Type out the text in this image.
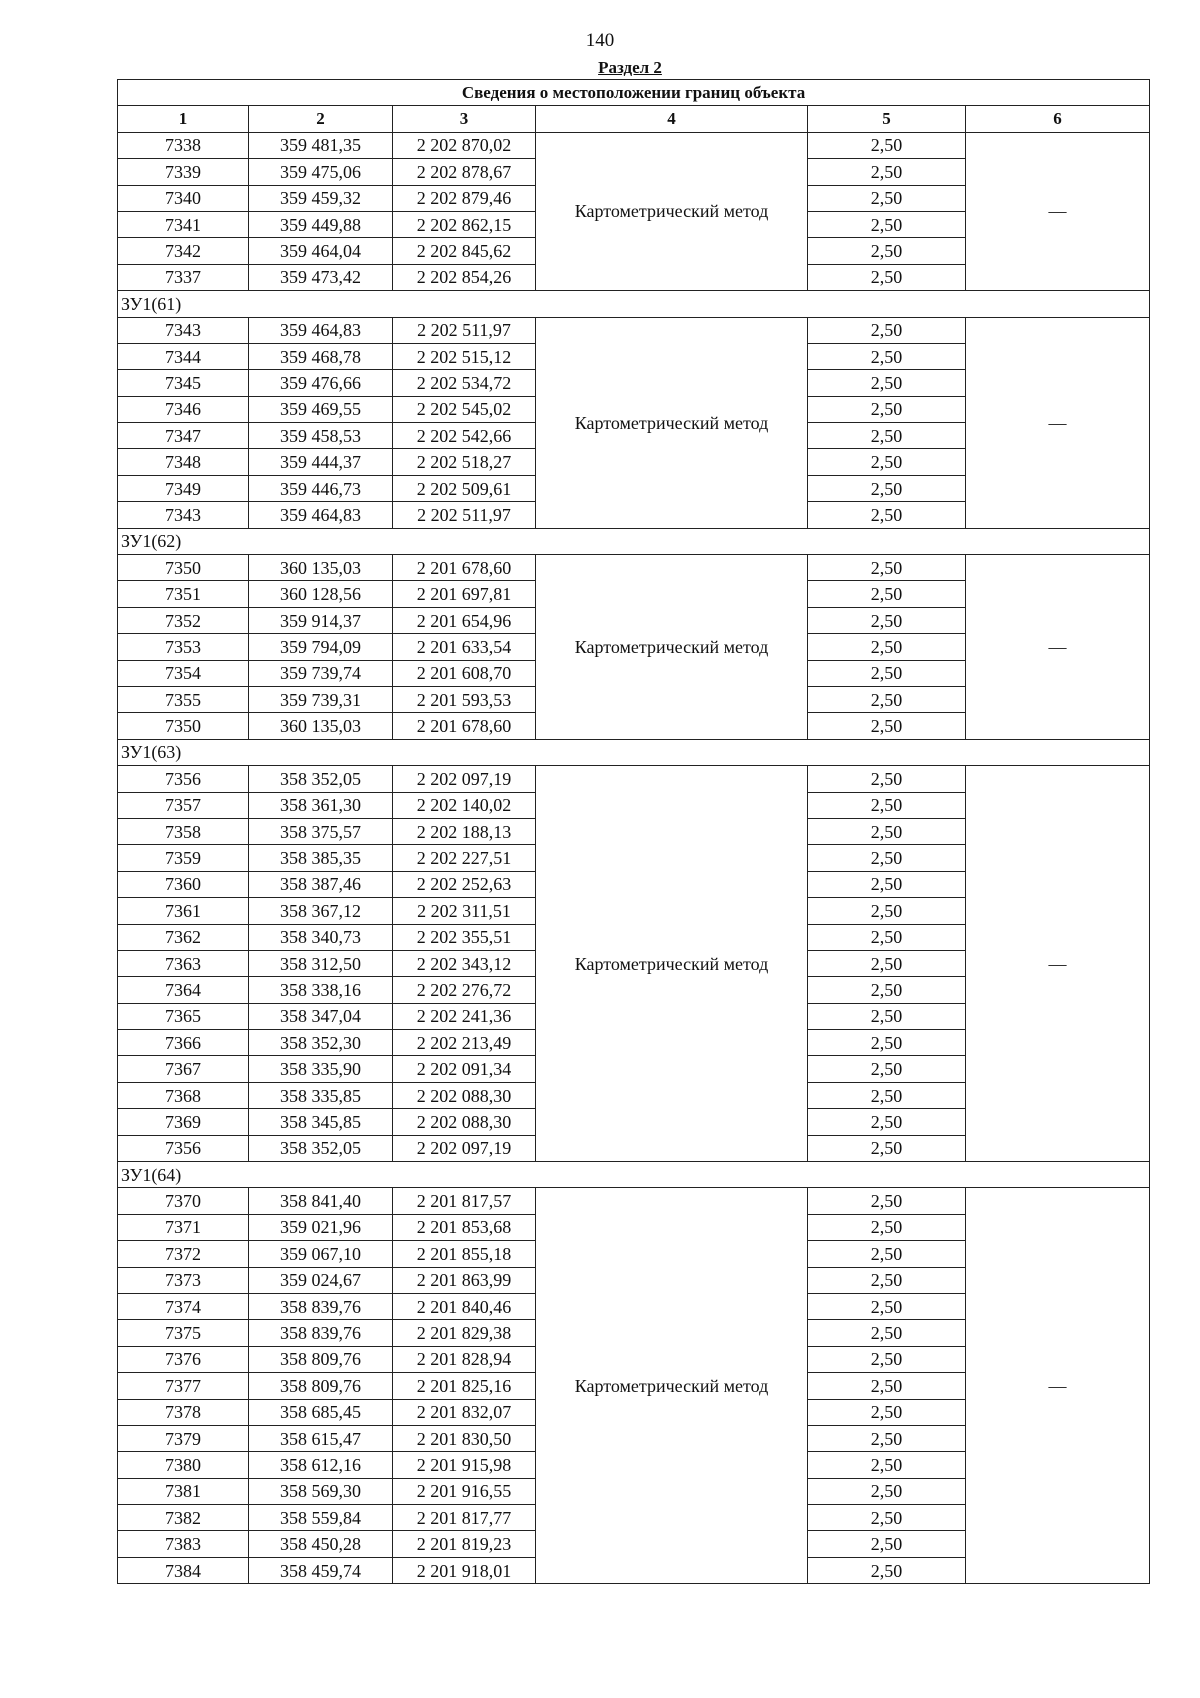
140
Раздел 2
Сведения о местоположении границ объекта					
1	2	3	4	5	6
7338	359 481,35	2 202 870,02	Картометрический метод	2,50	—
7339	359 475,06	2 202 878,67		2,50	
7340	359 459,32	2 202 879,46		2,50	
7341	359 449,88	2 202 862,15		2,50	
7342	359 464,04	2 202 845,62		2,50	
7337	359 473,42	2 202 854,26		2,50	
ЗУ1(61)					
7343	359 464,83	2 202 511,97	Картометрический метод	2,50	—
7344	359 468,78	2 202 515,12		2,50	
7345	359 476,66	2 202 534,72		2,50	
7346	359 469,55	2 202 545,02		2,50	
7347	359 458,53	2 202 542,66		2,50	
7348	359 444,37	2 202 518,27		2,50	
7349	359 446,73	2 202 509,61		2,50	
7343	359 464,83	2 202 511,97		2,50	
ЗУ1(62)					
7350	360 135,03	2 201 678,60	Картометрический метод	2,50	—
7351	360 128,56	2 201 697,81		2,50	
7352	359 914,37	2 201 654,96		2,50	
7353	359 794,09	2 201 633,54		2,50	
7354	359 739,74	2 201 608,70		2,50	
7355	359 739,31	2 201 593,53		2,50	
7350	360 135,03	2 201 678,60		2,50	
ЗУ1(63)					
7356	358 352,05	2 202 097,19	Картометрический метод	2,50	—
7357	358 361,30	2 202 140,02		2,50	
7358	358 375,57	2 202 188,13		2,50	
7359	358 385,35	2 202 227,51		2,50	
7360	358 387,46	2 202 252,63		2,50	
7361	358 367,12	2 202 311,51		2,50	
7362	358 340,73	2 202 355,51		2,50	
7363	358 312,50	2 202 343,12		2,50	
7364	358 338,16	2 202 276,72		2,50	
7365	358 347,04	2 202 241,36		2,50	
7366	358 352,30	2 202 213,49		2,50	
7367	358 335,90	2 202 091,34		2,50	
7368	358 335,85	2 202 088,30		2,50	
7369	358 345,85	2 202 088,30		2,50	
7356	358 352,05	2 202 097,19		2,50	
ЗУ1(64)					
7370	358 841,40	2 201 817,57	Картометрический метод	2,50	—
7371	359 021,96	2 201 853,68		2,50	
7372	359 067,10	2 201 855,18		2,50	
7373	359 024,67	2 201 863,99		2,50	
7374	358 839,76	2 201 840,46		2,50	
7375	358 839,76	2 201 829,38		2,50	
7376	358 809,76	2 201 828,94		2,50	
7377	358 809,76	2 201 825,16		2,50	
7378	358 685,45	2 201 832,07		2,50	
7379	358 615,47	2 201 830,50		2,50	
7380	358 612,16	2 201 915,98		2,50	
7381	358 569,30	2 201 916,55		2,50	
7382	358 559,84	2 201 817,77		2,50	
7383	358 450,28	2 201 819,23		2,50	
7384	358 459,74	2 201 918,01		2,50	
